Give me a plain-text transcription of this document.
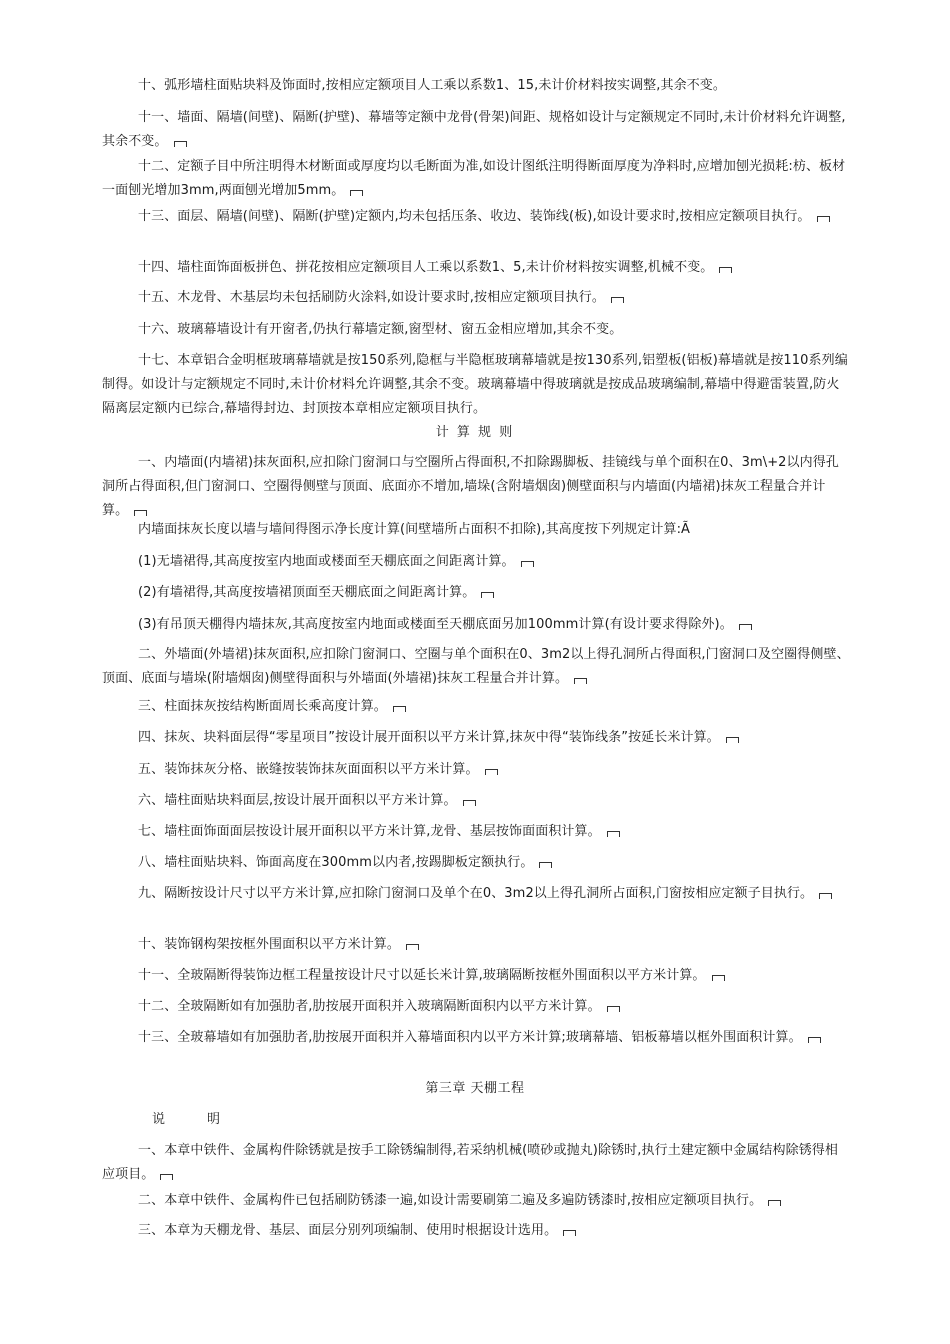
十、弧形墙柱面贴块料及饰面时,按相应定额项目人工乘以系数1、15,未计价材料按实调整,其余不变。

十一、墙面、隔墙(间壁)、隔断(护壁)、幕墙等定额中龙骨(骨架)间距、规格如设计与定额规定不同时,未计价材料允许调整,其余不变。

十二、定额子目中所注明得木材断面或厚度均以毛断面为准,如设计图纸注明得断面厚度为净料时,应增加刨光损耗:枋、板材一面刨光增加3mm,两面刨光增加5mm。

十三、面层、隔墙(间壁)、隔断(护壁)定额内,均未包括压条、收边、装饰线(板),如设计要求时,按相应定额项目执行。

十四、墙柱面饰面板拼色、拼花按相应定额项目人工乘以系数1、5,未计价材料按实调整,机械不变。

十五、木龙骨、木基层均未包括刷防火涂料,如设计要求时,按相应定额项目执行。

十六、玻璃幕墙设计有开窗者,仍执行幕墙定额,窗型材、窗五金相应增加,其余不变。

十七、本章铝合金明框玻璃幕墙就是按150系列,隐框与半隐框玻璃幕墙就是按130系列,铝塑板(铝板)幕墙就是按110系列编制得。如设计与定额规定不同时,未计价材料允许调整,其余不变。玻璃幕墙中得玻璃就是按成品玻璃编制,幕墙中得避雷装置,防火隔离层定额内已综合,幕墙得封边、封顶按本章相应定额项目执行。

计 算 规 则

一、内墙面(内墙裙)抹灰面积,应扣除门窗洞口与空圈所占得面积,不扣除踢脚板、挂镜线与单个面积在0、3m\+2以内得孔洞所占得面积,但门窗洞口、空圈得侧壁与顶面、底面亦不增加,墙垛(含附墙烟囱)侧壁面积与内墙面(内墙裙)抹灰工程量合并计算。

内墙面抹灰长度以墙与墙间得图示净长度计算(间壁墙所占面积不扣除),其高度按下列规定计算:Ã

(1)无墙裙得,其高度按室内地面或楼面至天棚底面之间距离计算。

(2)有墙裙得,其高度按墙裙顶面至天棚底面之间距离计算。

(3)有吊顶天棚得内墙抹灰,其高度按室内地面或楼面至天棚底面另加100mm计算(有设计要求得除外)。

二、外墙面(外墙裙)抹灰面积,应扣除门窗洞口、空圈与单个面积在0、3m2以上得孔洞所占得面积,门窗洞口及空圈得侧壁、顶面、底面与墙垛(附墙烟囱)侧壁得面积与外墙面(外墙裙)抹灰工程量合并计算。

三、柱面抹灰按结构断面周长乘高度计算。

四、抹灰、块料面层得“零星项目”按设计展开面积以平方米计算,抹灰中得“装饰线条”按延长米计算。

五、装饰抹灰分格、嵌缝按装饰抹灰面面积以平方米计算。

六、墙柱面贴块料面层,按设计展开面积以平方米计算。

七、墙柱面饰面面层按设计展开面积以平方米计算,龙骨、基层按饰面面积计算。

八、墙柱面贴块料、饰面高度在300mm以内者,按踢脚板定额执行。

九、隔断按设计尺寸以平方米计算,应扣除门窗洞口及单个在0、3m2以上得孔洞所占面积,门窗按相应定额子目执行。

十、装饰钢构架按框外围面积以平方米计算。

十一、全玻隔断得装饰边框工程量按设计尺寸以延长米计算,玻璃隔断按框外围面积以平方米计算。

十二、全玻隔断如有加强肋者,肋按展开面积并入玻璃隔断面积内以平方米计算。

十三、全玻幕墙如有加强肋者,肋按展开面积并入幕墙面积内以平方米计算;玻璃幕墙、铝板幕墙以框外围面积计算。

第三章 天棚工程

说	明

一、本章中铁件、金属构件除锈就是按手工除锈编制得,若采纳机械(喷砂或抛丸)除锈时,执行土建定额中金属结构除锈得相应项目。

二、本章中铁件、金属构件已包括刷防锈漆一遍,如设计需要刷第二遍及多遍防锈漆时,按相应定额项目执行。

三、本章为天棚龙骨、基层、面层分别列项编制、使用时根据设计选用。
